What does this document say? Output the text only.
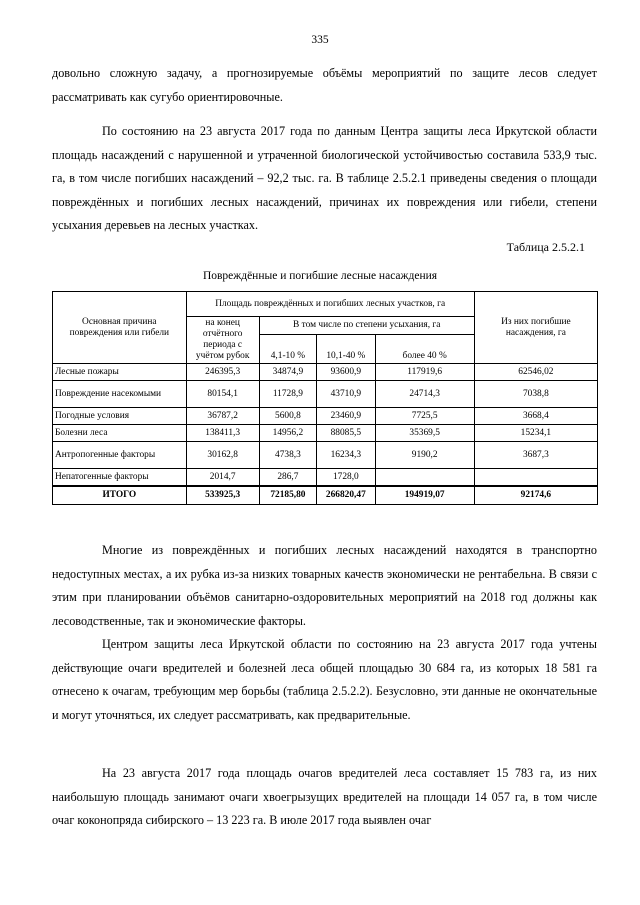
335

довольно сложную задачу, а прогнозируемые объёмы мероприятий по защите лесов следует рассматривать как сугубо ориентировочные.

По состоянию на 23 августа 2017 года по данным Центра защиты леса Иркутской области площадь насаждений с нарушенной и утраченной биологической устойчивостью составила 533,9 тыс. га, в том числе погибших насаждений – 92,2 тыс. га. В таблице 2.5.2.1 приведены сведения о площади повреждённых и погибших лесных насаждений, причинах их повреждения или гибели, степени усыхания деревьев на лесных участках.

Таблица 2.5.2.1
Повреждённые и погибшие лесные насаждения
Основная причина повреждения или гибели	Площадь повреждённых и погибших лесных участков, га				Из них погибшие насаждения, га
	на конец отчётного периода с учётом рубок	В том числе по степени усыхания, га			
		4,1-10 %	10,1-40 %	более 40 %	
Лесные пожары	246395,3	34874,9	93600,9	117919,6	62546,02
Повреждение насекомыми	80154,1	11728,9	43710,9	24714,3	7038,8
Погодные условия	36787,2	5600,8	23460,9	7725,5	3668,4
Болезни леса	138411,3	14956,2	88085,5	35369,5	15234,1
Антропогенные факторы	30162,8	4738,3	16234,3	9190,2	3687,3
Непатогенные факторы	2014,7	286,7	1728,0		
ИТОГО	533925,3	72185,80	266820,47	194919,07	92174,6

Многие из повреждённых и погибших лесных насаждений находятся в транспортно недоступных местах, а их рубка из-за низких товарных качеств экономически не рентабельна. В связи с этим при планировании объёмов санитарно-оздоровительных мероприятий на 2018 год должны как лесоводственные, так и экономические факторы.

Центром защиты леса Иркутской области по состоянию на 23 августа 2017 года учтены действующие очаги вредителей и болезней леса общей площадью 30 684 га, из которых 18 581 га отнесено к очагам, требующим мер борьбы (таблица 2.5.2.2). Безусловно, эти данные не окончательные и могут уточняться, их следует рассматривать, как предварительные.

На 23 августа 2017 года площадь очагов вредителей леса составляет 15 783 га, из них наибольшую площадь занимают очаги хвоегрызущих вредителей на площади 14 057 га, в том числе очаг коконопряда сибирского – 13 223 га. В июле 2017 года выявлен очаг
